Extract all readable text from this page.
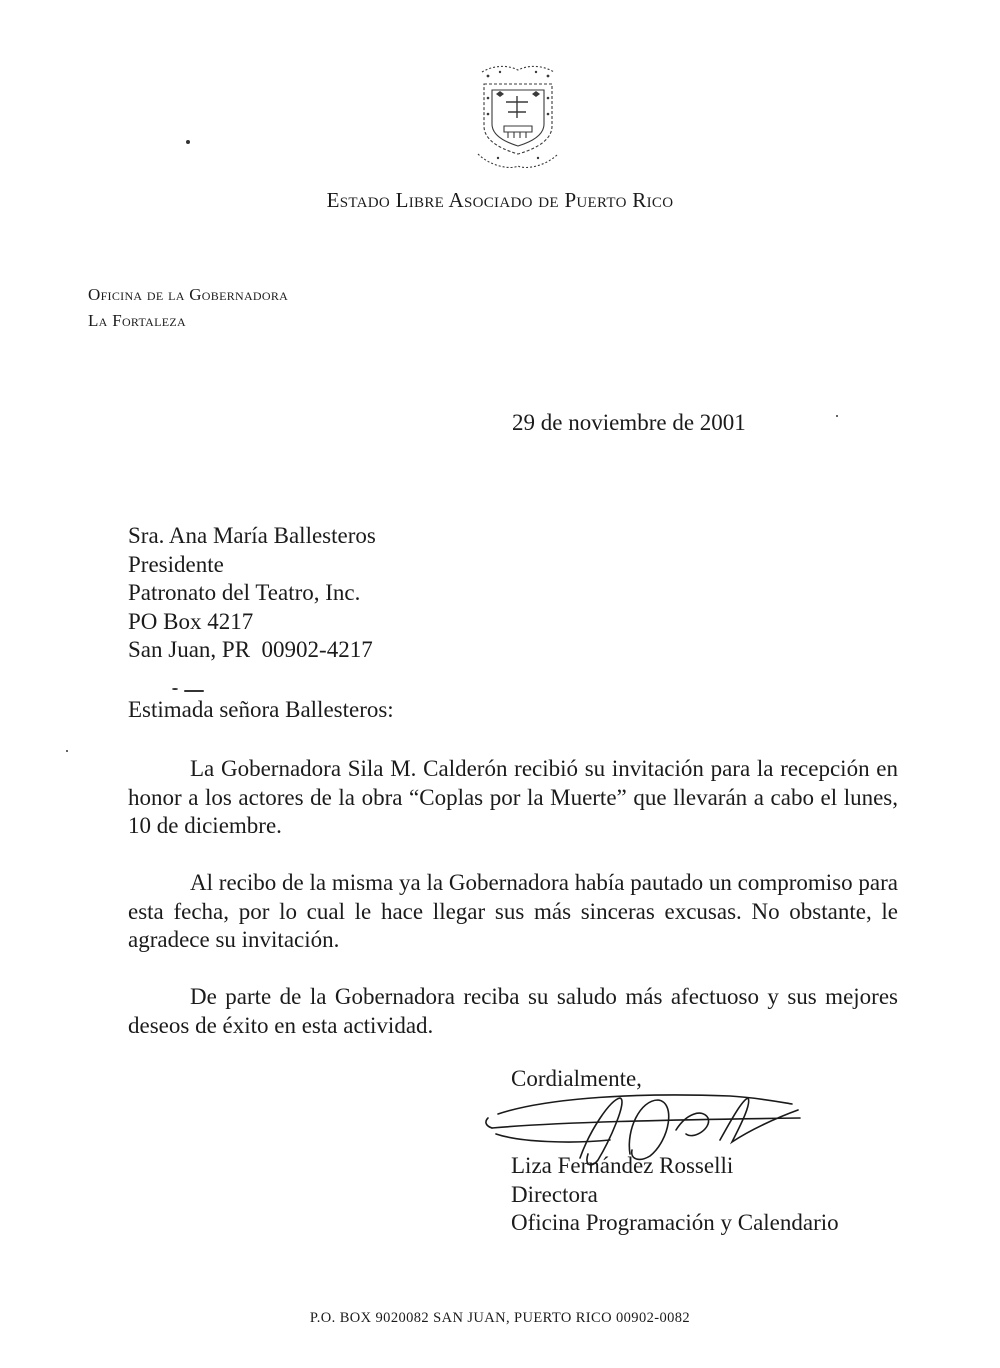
Estado Libre Asociado de Puerto Rico
Oficina de la Gobernadora
La Fortaleza
29 de noviembre de 2001
Sra. Ana María Ballesteros
Presidente
Patronato del Teatro, Inc.
PO Box 4217
San Juan, PR  00902-4217
Estimada señora Ballesteros:

La Gobernadora Sila M. Calderón recibió su invitación para la recepción en honor a los actores de la obra “Coplas por la Muerte” que llevarán a cabo el lunes, 10 de diciembre.

Al recibo de la misma ya la Gobernadora había pautado un compromiso para esta fecha, por lo cual le hace llegar sus más sinceras excusas. No obstante, le agradece su invitación.

De parte de la Gobernadora reciba su saludo más afectuoso y sus mejores deseos de éxito en esta actividad.

Cordialmente,
Liza Fernández Rosselli
Directora
Oficina Programación y Calendario
P.O. BOX 9020082 SAN JUAN, PUERTO RICO 00902-0082
